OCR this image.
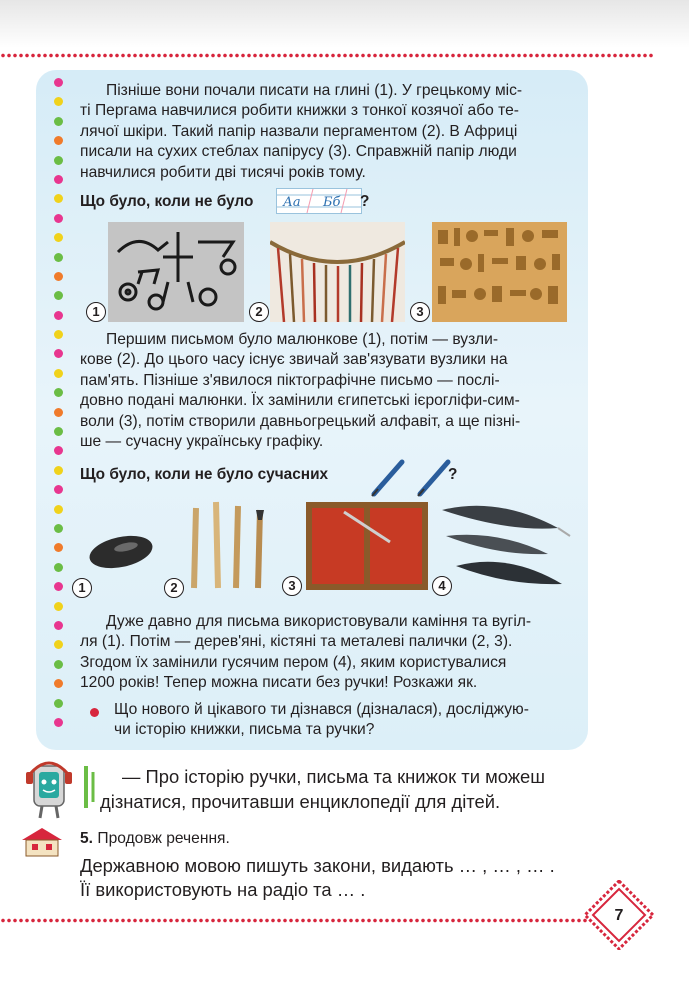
Пізніше вони почали писати на глині (1). У грецькому міс-
ті Пергама навчилися робити книжки з тонкої козячої або те-
лячої шкіри. Такий папір назвали пергаментом (2). В Африці
писали на сухих стеблах папірусу (3). Справжній папір люди
навчилися робити дві тисячі років тому.
Що було, коли не було Аа Бб ?
1	2	3
Першим письмом було малюнкове (1), потім — вузли-
кове (2). До цього часу існує звичай зав'язувати вузлики на
пам'ять. Пізніше з'явилося піктографічне письмо — послі-
довно подані малюнки. Їх замінили єгипетські ієрогліфи-сим-
воли (3), потім створили давньогрецький алфавіт, а ще пізні-
ше — сучасну українську графіку.
Що було, коли не було сучасних	?
1	2	3	4
Дуже давно для письма використовували каміння та вугіл-
ля (1). Потім — дерев'яні, кістяні та металеві палички (2, 3).
Згодом їх замінили гусячим пером (4), яким користувалися
1200 років! Тепер можна писати без ручки! Розкажи як.
Що нового й цікавого ти дізнався (дізналася), досліджую-
чи історію книжки, письма та ручки?
— Про історію ручки, письма та книжок ти можеш
дізнатися, прочитавши енциклопедії для дітей.
5. Продовж речення.
Державною мовою пишуть закони, видають … , … , … .
Її використовують на радіо та … .
7
